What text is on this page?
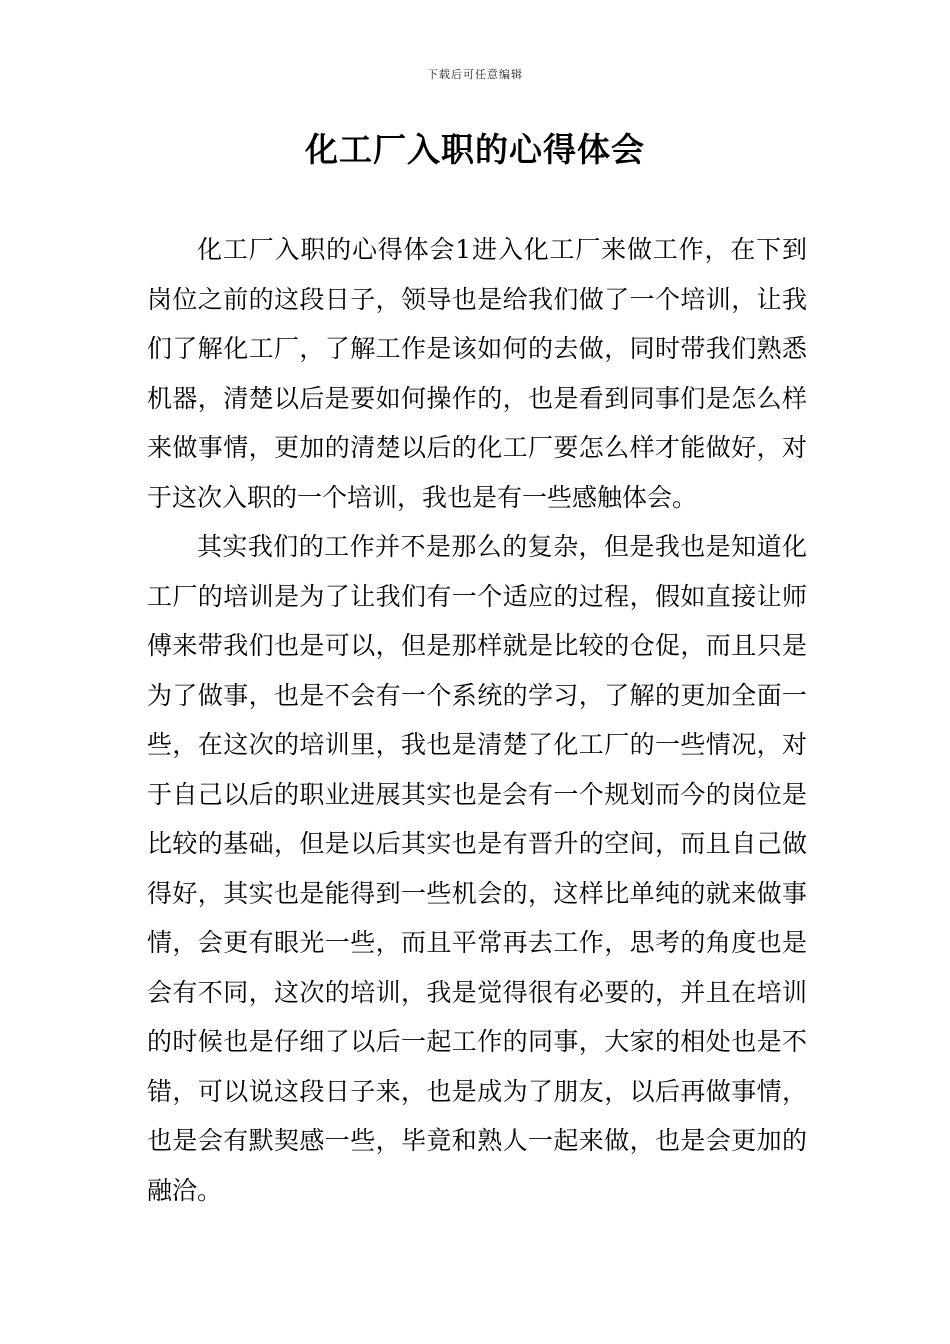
下载后可任意编辑
化工厂入职的心得体会

化工厂入职的心得体会1进入化工厂来做工作，在下到岗位之前的这段日子，领导也是给我们做了一个培训，让我们了解化工厂，了解工作是该如何的去做，同时带我们熟悉机器，清楚以后是要如何操作的，也是看到同事们是怎么样来做事情，更加的清楚以后的化工厂要怎么样才能做好，对于这次入职的一个培训，我也是有一些感触体会。

其实我们的工作并不是那么的复杂，但是我也是知道化工厂的培训是为了让我们有一个适应的过程，假如直接让师傅来带我们也是可以，但是那样就是比较的仓促，而且只是为了做事，也是不会有一个系统的学习，了解的更加全面一些，在这次的培训里，我也是清楚了化工厂的一些情况，对于自己以后的职业进展其实也是会有一个规划而今的岗位是比较的基础，但是以后其实也是有晋升的空间，而且自己做得好，其实也是能得到一些机会的，这样比单纯的就来做事情，会更有眼光一些，而且平常再去工作，思考的角度也是会有不同，这次的培训，我是觉得很有必要的，并且在培训的时候也是仔细了以后一起工作的同事，大家的相处也是不错，可以说这段日子来，也是成为了朋友，以后再做事情，也是会有默契感一些，毕竟和熟人一起来做，也是会更加的融洽。
